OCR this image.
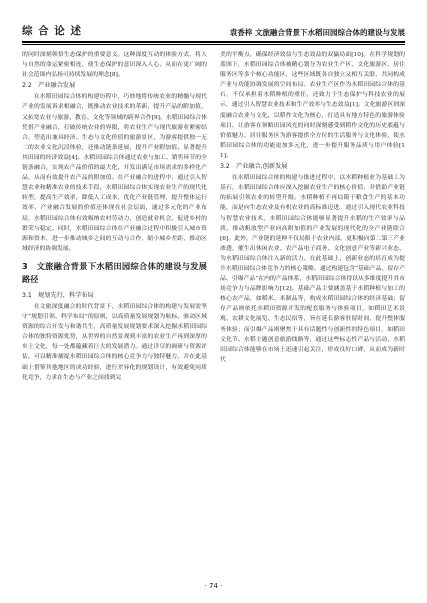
综 合 论 述	袁香梓 文旅融合背景下水稻田园综合体的建设与发展

的同时深刻领悟生态保护的重要意义。这种深度互动的体验方式，将人与自然的命运紧密相连，使生态保护的意识深入人心，从而在更广阔的社会范围内弘扬可持续发展的理念[8]。

2.2　产业融合发展

在水稻田园综合体的构建历程中，巧妙地将传统农业的精髓与现代产业的发展诉求相融合，既推动农业技术的革新，提升产品的附加值，又拓宽农业与旅游、教育、文化等领域的跨界合作[9]。水稻田园综合体凭借产业融合，打破传统农业的界限，将农业生产与现代旅游业紧密结合，塑造出兼具经济、生态与文化价值的旅游景区，为游客提供独一无二的农业文化沉浸体验，还推动链条延展，提升产业附加值，显著提升其田园的经济效益[4]。水稻田园综合体通过农业与加工、销售环节的全链条融合，实现农产品价值的最大化，开发出满足市场需求的多样化产品，从而有效提升农产品的附加值。在产业融合的进程中，通过引入智慧农业和精准农业的技术手段，水稻田园综合体实现农业生产的现代化转型，提高生产效率，降低人工成本，优化产业链管理，提升整体运行效率，产业融合发展的价值还体现在社会层面，通过多元化的产业布局，水稻田园综合体有效吸纳农村劳动力，创造就业机会，促进乡村的繁荣与稳定。同时，水稻田园综合体在产业融合过程中积极引入城市资源和资本，进一步推动城乡之间的互动与合作，缩小城乡差距，推动区域经济的协调发展。

3　文旅融合背景下水稻田园综合体的建设与发展路径

3.1　规划先行，科学布局

在文旅深度融合的时代背景下，水稻田园综合体的构建与发展需坚守“规划引领、科学布局”的原则，以高质量发展规划为航标，驱动区域资源的综合开发与和谐共生，高质量发展规划要求深入挖掘水稻田园综合体的独特资源优势，从世界的自然景观到丰富的农业生产再到深厚的乡土文化，每一处都蕴藏着巨大的发展潜力。通过详尽的调研与资源评估，可以精准捕捉水稻田园综合体的核心竞争力与独特魅力，并在此基础上借鉴其他地区的成功经验，进行差异化的规划设计，有效避免同质化竞争，力求在生态与产业之间找到完

美的平衡点，确保经济效益与生态效益的双赢局面[10]。在科学规划的蓝图下，水稻田园综合体被精心划分为农业生产区、文化旅游区、居住服务区等多个核心功能区，这些区域既各自独立又相互关联，共同构成产业与功能协调发展的空间布局。农业生产区作为水稻田园综合体的基石，不仅承担着水稻种植的重任，还致力于生态保护与科技农业的展示，通过引入智慧农业技术和生产效率与生态效益[1]。文化旅游区则深度融合农业与文化，以稻作文化为核心，打造具有地方特色的旅游体验项目，让游客在领略田园风光的同时深刻感受到稻作文化的历史底蕴与价值魅力。居住服务区为游客提供全方位的生活服务与文化体验，使水稻田园综合体的功能更加多元化，进一步提升服务品质与用户体验[11]。

3.2　产业融合,创新发展

在水稻田园综合体的构建与推进过程中，以水稻种植业为基础工为基石，水稻田园综合体应深入挖掘农业生产的核心价值，并借助产业链的拓展引领农业的转型升级。水稻种植不再局限于粮食生产的基本功能，而是向生态农业及有机农业的高标准迈进。通过引入现代农业科技与智慧农业技术，水稻田园综合体能够显著提升水稻的生产效率与品质，推动粗放型产业向高附加值的产业发展的现代化的全产业链联合[6]。此外，产业链的延伸不仅局限于农业内部，更积极向第二第三产业渗透，催生出休闲农业、农产品电子商务、文化创意产业等新兴业态，为水稻田园综合体注入新的活力。在此基础上，创新业态的培育成为提升水稻田园综合体竞争力的核心策略，通过构建包含“基础产品、留存产品、引爆产品”在内的产品体系，水稻田园综合体得以从多维度提升其市场竞争力与品牌影响力[12]。基础产品主要涵盖基于水稻种植与加工的核心农产品，如稻米、米制品等，构成水稻田园综合体的经济基础；留存产品则依托水稻田资源开发的配套服务与体验项目，如稻田艺术景观、农耕文化展览、生态民宿等，旨在延长游客驻留时间，提升整体服务体验；而引爆产品则聚焦于具有话题性与创新性的特色项目，如稻田文化节、水稻主题创意旅游线路等，通过这些标志性产品与活动，水稻田园综合体能够在市场上迅速引起关注，形成良好口碑，从而成为新时代

· 74 ·
